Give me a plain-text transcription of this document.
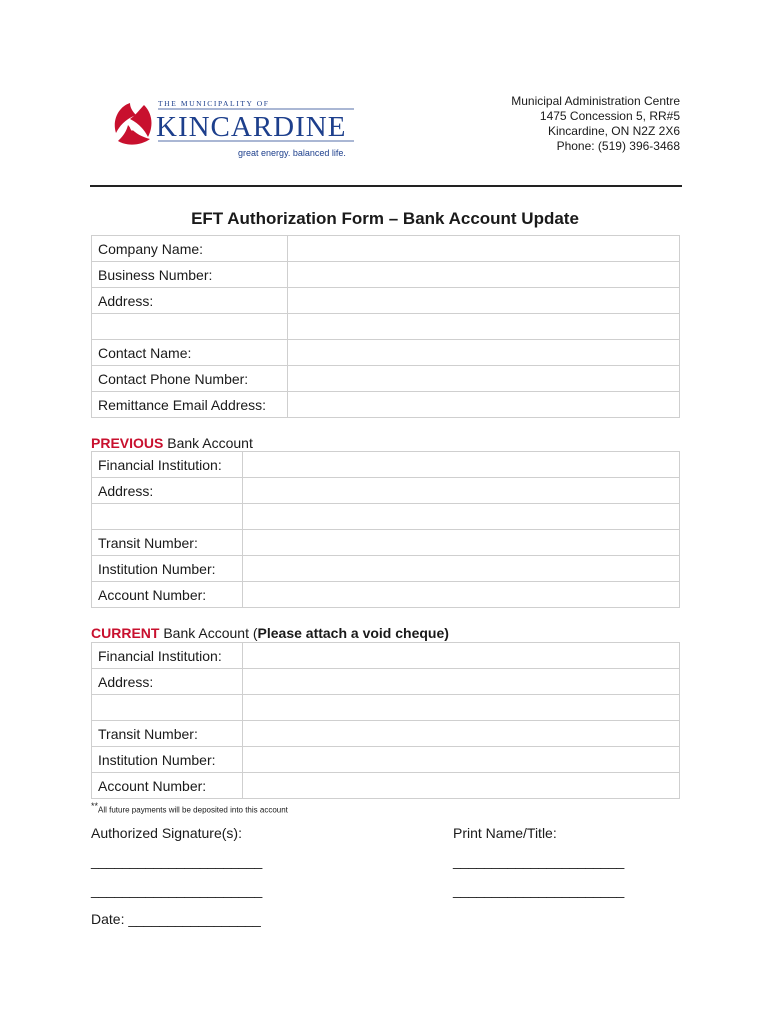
THE MUNICIPALITY OF
KINCARDINE
great energy. balanced life.
Municipal Administration Centre
1475 Concession 5, RR#5
Kincardine, ON N2Z 2X6
Phone: (519) 396-3468
EFT Authorization Form – Bank Account Update
Company Name:	
Business Number:	
Address:	

Contact Name:	
Contact Phone Number:	
Remittance Email Address:	
PREVIOUS Bank Account
Financial Institution:	
Address:	

Transit Number:	
Institution Number:	
Account Number:	
CURRENT Bank Account (Please attach a void cheque)
Financial Institution:	
Address:	

Transit Number:	
Institution Number:	
Account Number:	
**All future payments will be deposited into this account
Authorized Signature(s):	Print Name/Title:
______________________	______________________
______________________	______________________
Date: _________________
